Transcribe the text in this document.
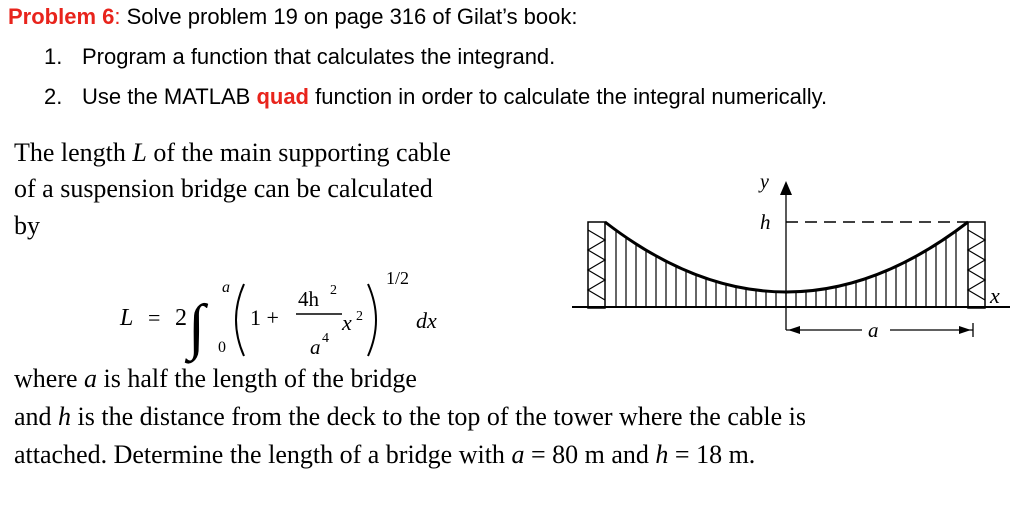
Problem 6: Solve problem 19 on page 316 of Gilat’s book:
1. Program a function that calculates the integrand.
2. Use the MATLAB quad function in order to calculate the integral numerically.
The length L of the main supporting cable
of a suspension bridge can be calculated
by
L = 2 ∫
a
0
1 +
4h 2
a 4
x 2
1/2
dx
y
h
x
a
where a is half the length of the bridge
and h is the distance from the deck to the top of the tower where the cable is
attached. Determine the length of a bridge with a = 80 m and h = 18 m.
